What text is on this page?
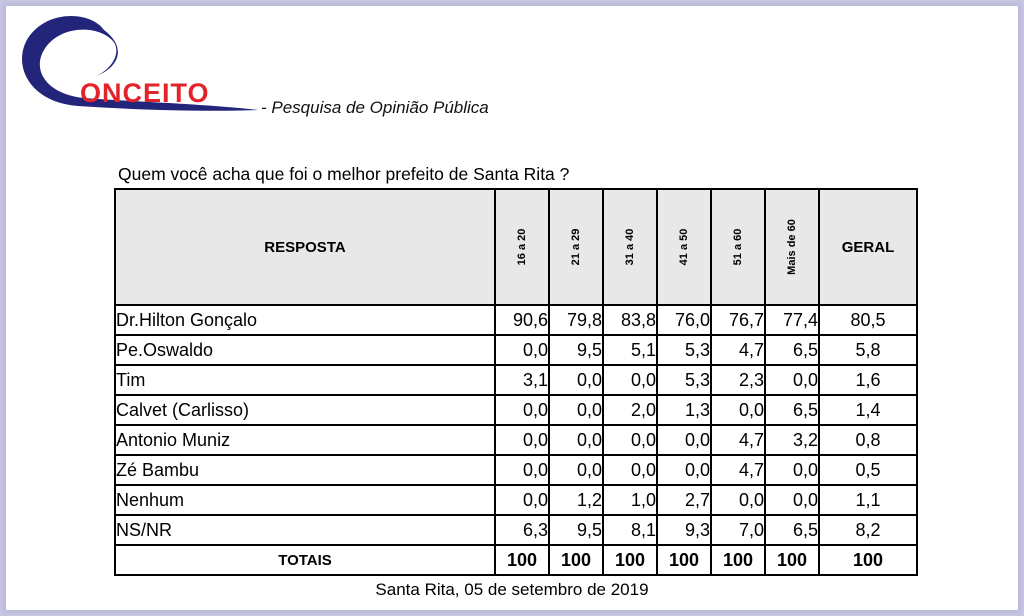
ONCEITO	- Pesquisa de Opinião Pública
Quem você acha que foi o melhor prefeito de Santa Rita ?
RESPOSTA	16 a 20	21 a 29	31 a 40	41 a 50	51 a 60	Mais de 60	GERAL
Dr.Hilton Gonçalo	90,6	79,8	83,8	76,0	76,7	77,4	80,5
Pe.Oswaldo	0,0	9,5	5,1	5,3	4,7	6,5	5,8
Tim	3,1	0,0	0,0	5,3	2,3	0,0	1,6
Calvet (Carlisso)	0,0	0,0	2,0	1,3	0,0	6,5	1,4
Antonio Muniz	0,0	0,0	0,0	0,0	4,7	3,2	0,8
Zé Bambu	0,0	0,0	0,0	0,0	4,7	0,0	0,5
Nenhum	0,0	1,2	1,0	2,7	0,0	0,0	1,1
NS/NR	6,3	9,5	8,1	9,3	7,0	6,5	8,2
TOTAIS	100	100	100	100	100	100	100
Santa Rita, 05 de setembro de 2019
